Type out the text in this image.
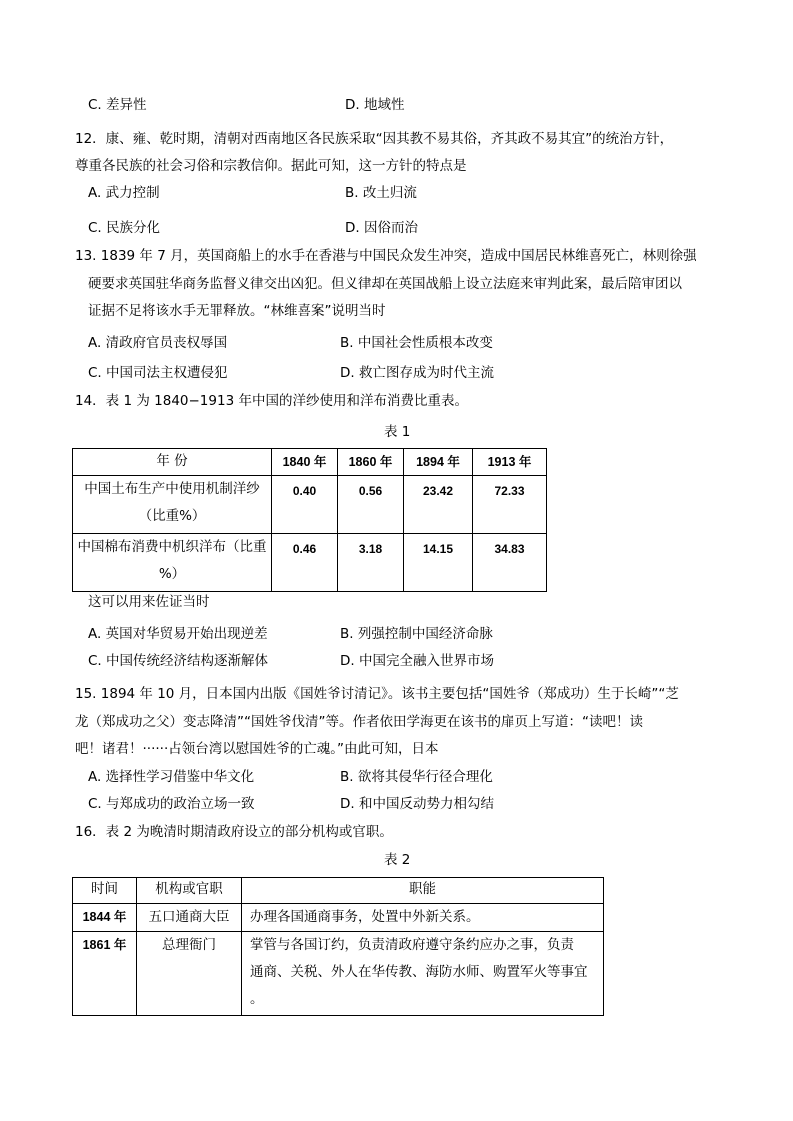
C. 差异性	D. 地域性
12．康、雍、乾时期，清朝对西南地区各民族采取“因其教不易其俗，齐其政不易其宜”的统治方针，
尊重各民族的社会习俗和宗教信仰。据此可知，这一方针的特点是
A. 武力控制	B. 改土归流
C. 民族分化	D. 因俗而治
13. 1839 年 7 月，英国商船上的水手在香港与中国民众发生冲突，造成中国居民林维喜死亡，林则徐强
硬要求英国驻华商务监督义律交出凶犯。但义律却在英国战船上设立法庭来审判此案，最后陪审团以
证据不足将该水手无罪释放。“林维喜案”说明当时
A. 清政府官员丧权辱国	B. 中国社会性质根本改变
C. 中国司法主权遭侵犯	D. 救亡图存成为时代主流
14．表 1 为 1840−1913 年中国的洋纱使用和洋布消费比重表。
表 1
年 份	1840 年	1860 年	1894 年	1913 年

中国土布生产中使用机制洋纱
（比重%）	0.40	0.56	23.42	72.33

中国棉布消费中机织洋布（比重
%）	0.46	3.18	14.15	34.83
这可以用来佐证当时
A. 英国对华贸易开始出现逆差	B. 列强控制中国经济命脉
C. 中国传统经济结构逐渐解体	D. 中国完全融入世界市场
15. 1894 年 10 月，日本国内出版《国姓爷讨清记》。该书主要包括“国姓爷（郑成功）生于长崎”“芝
龙（郑成功之父）变志降清”“国姓爷伐清”等。作者依田学海更在该书的扉页上写道：“读吧！读
吧！诸君！······占领台湾以慰国姓爷的亡魂。”由此可知，日本
A. 选择性学习借鉴中华文化	B. 欲将其侵华行径合理化
C. 与郑成功的政治立场一致	D. 和中国反动势力相勾结
16．表 2 为晚清时期清政府设立的部分机构或官职。
表 2
时间	机构或官职	职能
1844 年	五口通商大臣	办理各国通商事务，处置中外新关系。
1861 年	总理衙门	掌管与各国订约，负责清政府遵守条约应办之事，负责
通商、关税、外人在华传教、海防水师、购置军火等事宜
。
